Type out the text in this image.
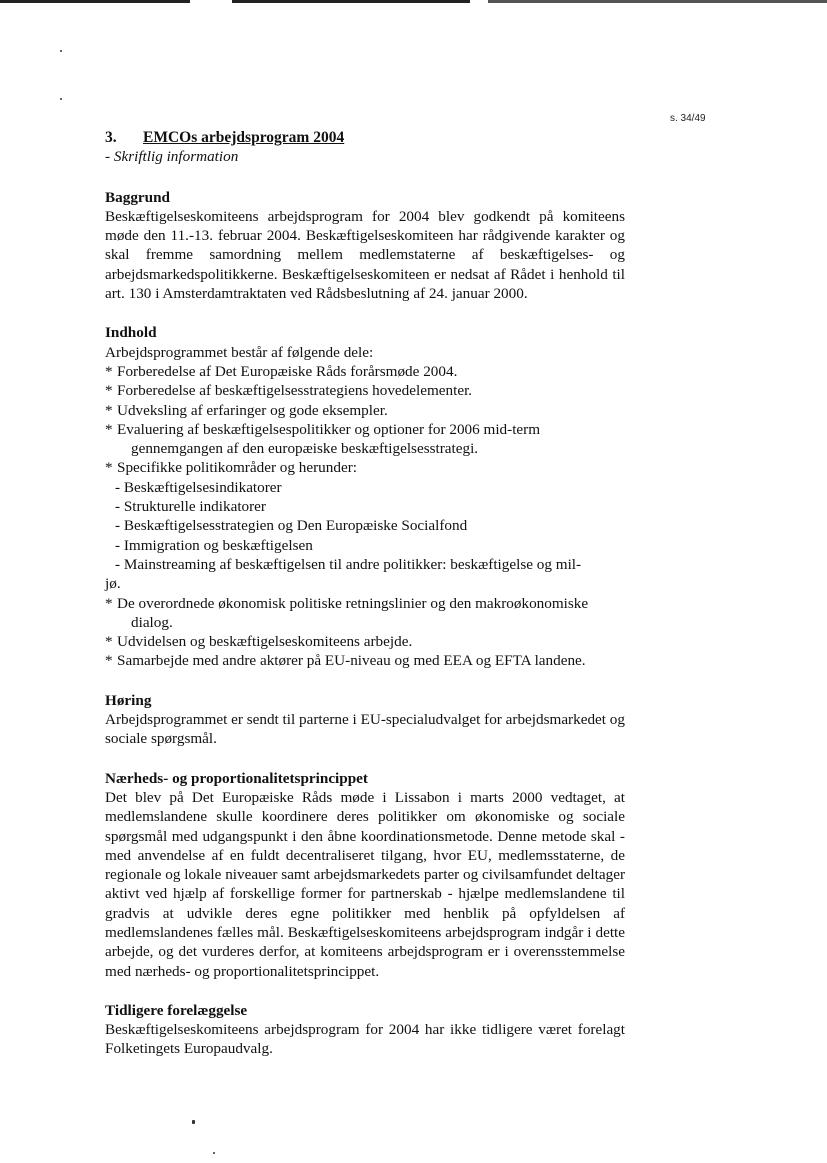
s. 34/49

3. EMCOs arbejdsprogram 2004

- Skriftlig information

Baggrund

Beskæftigelseskomiteens arbejdsprogram for 2004 blev godkendt på komiteens møde den 11.-13. februar 2004. Beskæftigelseskomiteen har rådgivende karakter og skal fremme samordning mellem medlemstaterne af beskæftigelses- og arbejdsmarkedspolitikkerne. Beskæftigelseskomiteen er nedsat af Rådet i henhold til art. 130 i Amsterdamtraktaten ved Rådsbeslutning af 24. januar 2000.

Indhold

Arbejdsprogrammet består af følgende dele:

* Forberedelse af Det Europæiske Råds forårsmøde 2004.
* Forberedelse af beskæftigelsesstrategiens hovedelementer.
* Udveksling af erfaringer og gode eksempler.
* Evaluering af beskæftigelsespolitikker og optioner for 2006 mid-term gennemgangen af den europæiske beskæftigelsesstrategi.
* Specifikke politikområder og herunder:
- Beskæftigelsesindikatorer
- Strukturelle indikatorer
- Beskæftigelsesstrategien og Den Europæiske Socialfond
- Immigration og beskæftigelsen
- Mainstreaming af beskæftigelsen til andre politikker: beskæftigelse og mil-
jø.
* De overordnede økonomisk politiske retningslinier og den makroøkonomiske dialog.
* Udvidelsen og beskæftigelseskomiteens arbejde.
* Samarbejde med andre aktører på EU-niveau og med EEA og EFTA landene.

Høring

Arbejdsprogrammet er sendt til parterne i EU-specialudvalget for arbejdsmarkedet og sociale spørgsmål.

Nærheds- og proportionalitetsprincippet

Det blev på Det Europæiske Råds møde i Lissabon i marts 2000 vedtaget, at medlemslandene skulle koordinere deres politikker om økonomiske og sociale spørgsmål med udgangspunkt i den åbne koordinationsmetode. Denne metode skal - med anvendelse af en fuldt decentraliseret tilgang, hvor EU, medlemsstaterne, de regionale og lokale niveauer samt arbejdsmarkedets parter og civilsamfundet deltager aktivt ved hjælp af forskellige former for partnerskab - hjælpe medlemslandene til gradvis at udvikle deres egne politikker med henblik på opfyldelsen af medlemslandenes fælles mål. Beskæftigelseskomiteens arbejdsprogram indgår i dette arbejde, og det vurderes derfor, at komiteens arbejdsprogram er i overensstemmelse med nærheds- og proportionalitetsprincippet.

Tidligere forelæggelse

Beskæftigelseskomiteens arbejdsprogram for 2004 har ikke tidligere været forelagt Folketingets Europaudvalg.
